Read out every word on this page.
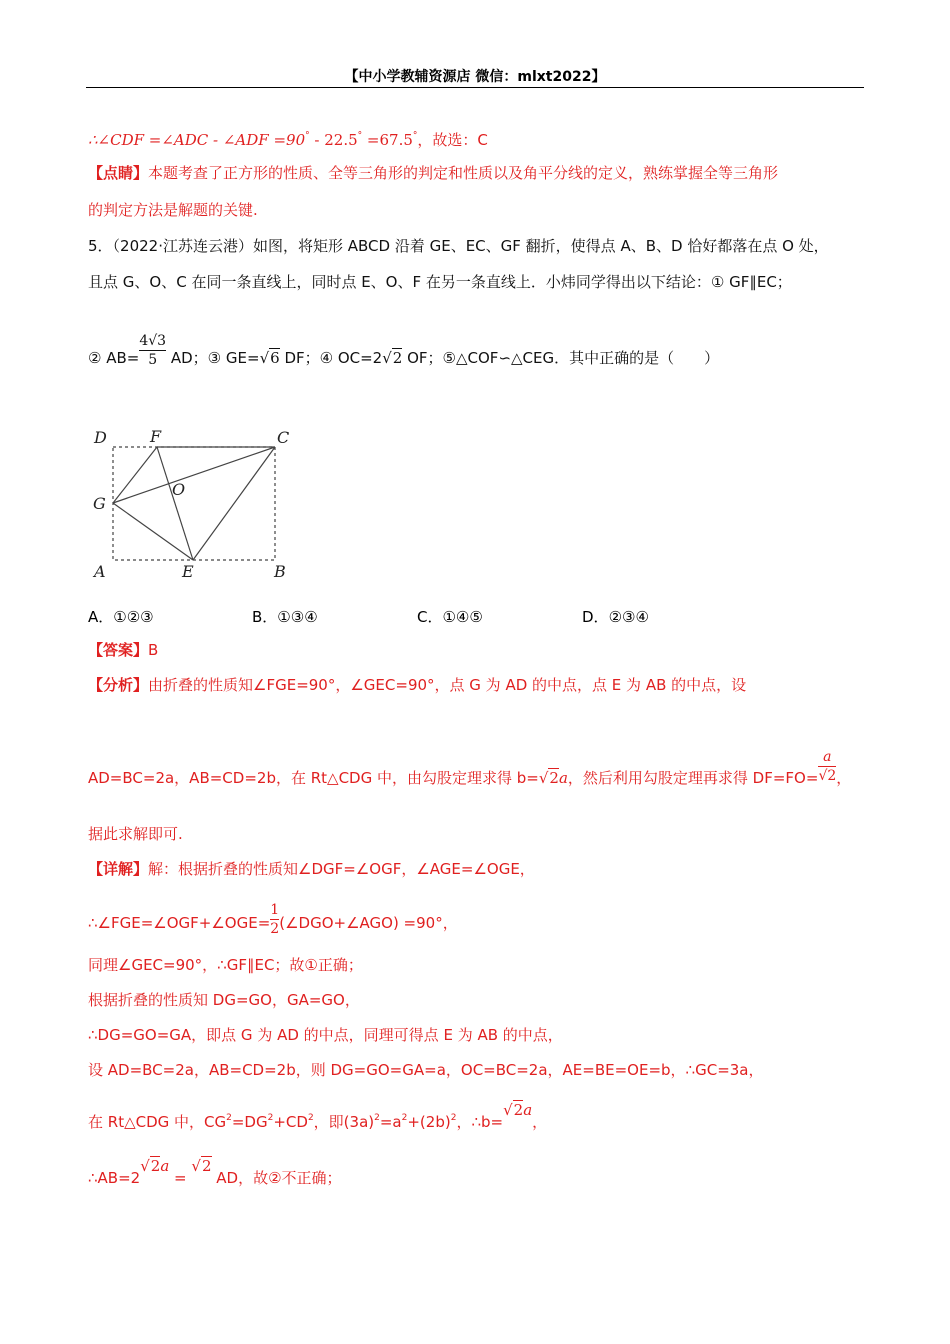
【中小学教辅资源店 微信：mlxt2022】
∴∠CDF =∠ADC - ∠ADF =90° - 22.5° =67.5°，故选：C
【点睛】本题考查了正方形的性质、全等三角形的判定和性质以及角平分线的定义，熟练掌握全等三角形
的判定方法是解题的关键.
5．（2022·江苏连云港）如图，将矩形 ABCD 沿着 GE、EC、GF 翻折，使得点 A、B、D 恰好都落在点 O 处，
且点 G、O、C 在同一条直线上，同时点 E、O、F 在另一条直线上．小炜同学得出以下结论：① GF∥EC；
② $AB= \frac{4√3}{5}$ AD；③ GE=√6 DF；④ OC=2√2 OF；⑤△COF∽△CEG．其中正确的是（　　）
D	F	C
G
O
A	E	B
A．①②③	B．①③④	C．①④⑤	D．②③④
【答案】B
【分析】由折叠的性质知∠FGE=90°，∠GEC=90°，点 G 为 AD 的中点，点 E 为 AB 的中点，设
AD=BC=2a，AB=CD=2b，在 Rt△CDG 中，由勾股定理求得 b=√2a，然后利用勾股定理再求得 $DF=FO= \frac{a}{√2}$ ，
据此求解即可.
【详解】解：根据折叠的性质知∠DGF=∠OGF，∠AGE=∠OGE，
∴∠FGE=∠OGF+∠OGE= $\frac{1}{2}$ (∠DGO+∠AGO) =90°，
同理∠GEC=90°，∴GF∥EC；故①正确；
根据折叠的性质知 DG=GO，GA=GO，
∴DG=GO=GA，即点 G 为 AD 的中点，同理可得点 E 为 AB 的中点，
设 AD=BC=2a，AB=CD=2b，则 DG=GO=GA=a，OC=BC=2a，AE=BE=OE=b，∴GC=3a，
在 Rt△CDG 中，$CG^2=DG^2+CD^2$，即$(3a)^2=a^2+(2b)^2$，∴b=√2a，
∴AB=2√2a = √2 AD，故②不正确；
